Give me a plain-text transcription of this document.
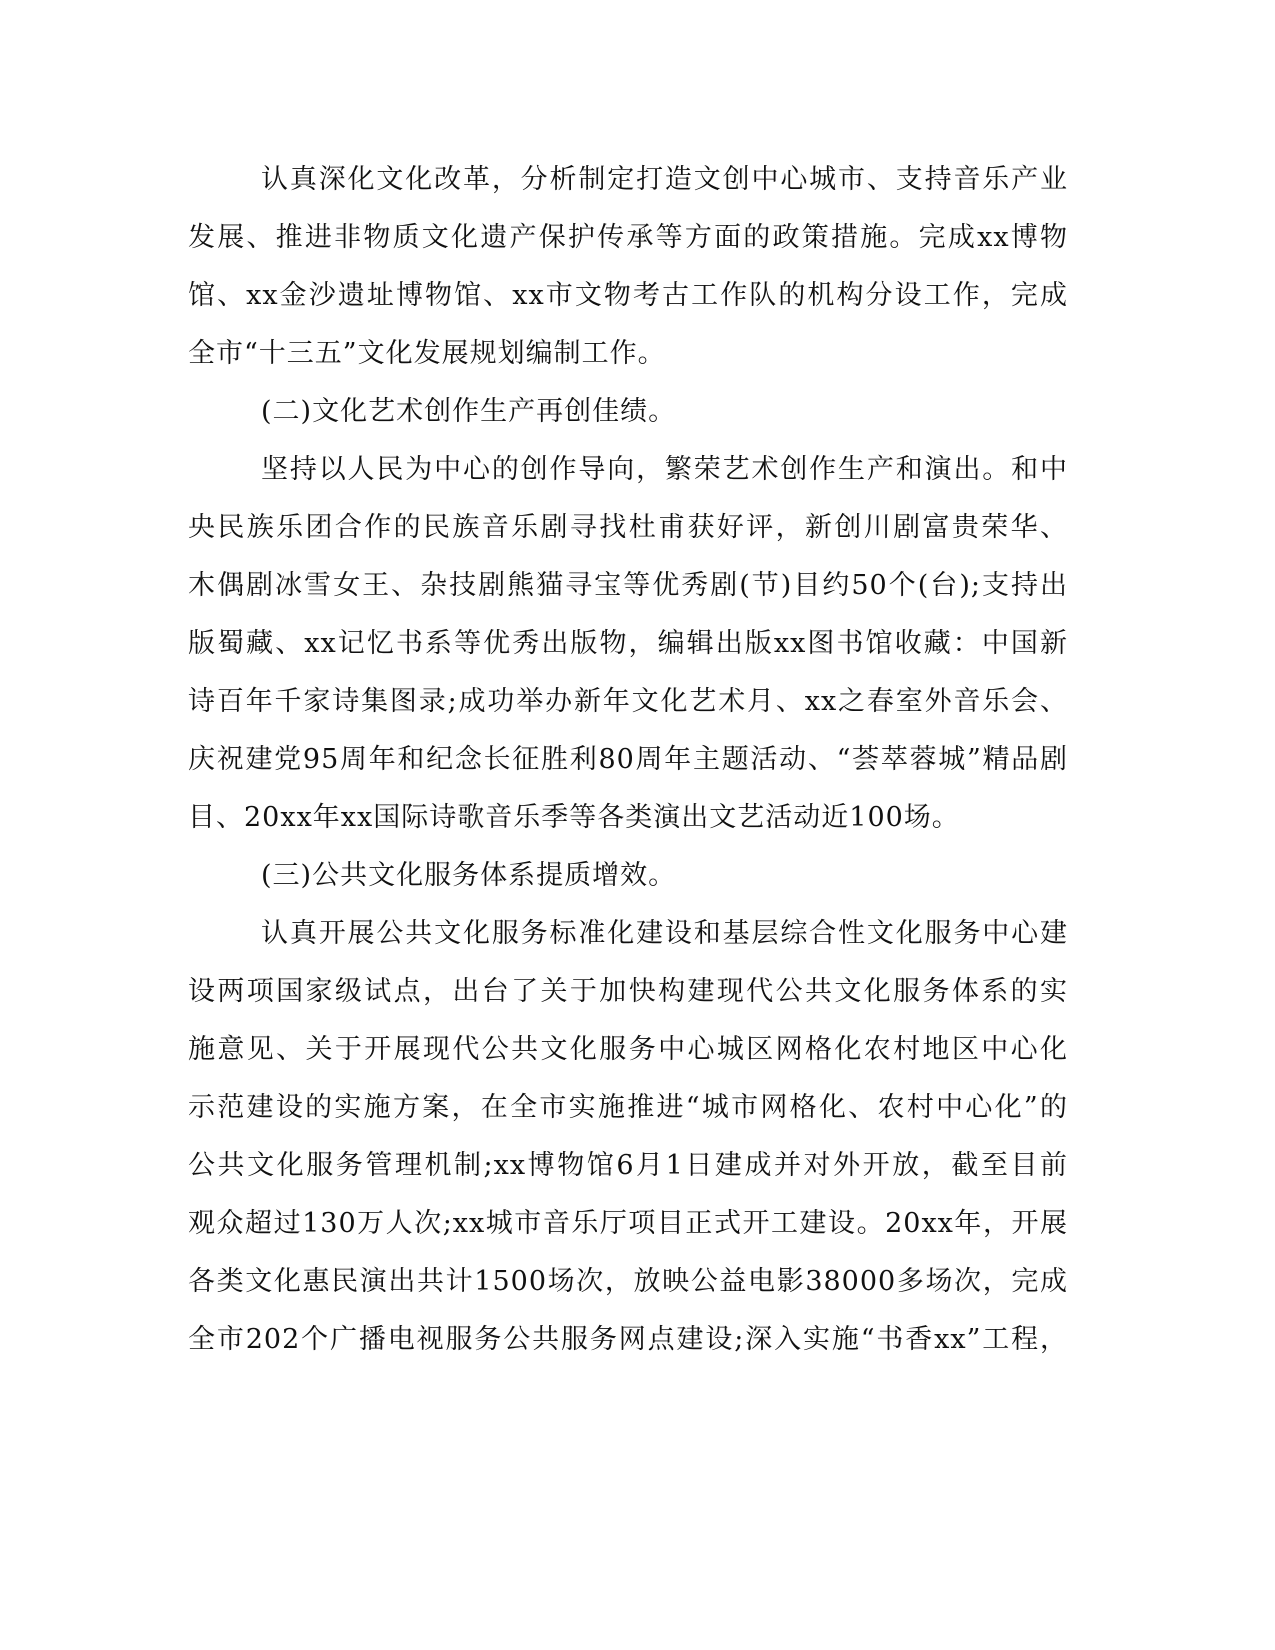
认真深化文化改革，分析制定打造文创中心城市、支持音乐产业
发展、推进非物质文化遗产保护传承等方面的政策措施。完成xx博物
馆、xx金沙遗址博物馆、xx市文物考古工作队的机构分设工作，完成
全市“十三五”文化发展规划编制工作。
(二)文化艺术创作生产再创佳绩。
坚持以人民为中心的创作导向，繁荣艺术创作生产和演出。和中
央民族乐团合作的民族音乐剧寻找杜甫获好评，新创川剧富贵荣华、
木偶剧冰雪女王、杂技剧熊猫寻宝等优秀剧(节)目约50个(台);支持出
版蜀藏、xx记忆书系等优秀出版物，编辑出版xx图书馆收藏：中国新
诗百年千家诗集图录;成功举办新年文化艺术月、xx之春室外音乐会、
庆祝建党95周年和纪念长征胜利80周年主题活动、“荟萃蓉城”精品剧
目、20xx年xx国际诗歌音乐季等各类演出文艺活动近100场。
(三)公共文化服务体系提质增效。
认真开展公共文化服务标准化建设和基层综合性文化服务中心建
设两项国家级试点，出台了关于加快构建现代公共文化服务体系的实
施意见、关于开展现代公共文化服务中心城区网格化农村地区中心化
示范建设的实施方案，在全市实施推进“城市网格化、农村中心化”的
公共文化服务管理机制;xx博物馆6月1日建成并对外开放，截至目前
观众超过130万人次;xx城市音乐厅项目正式开工建设。20xx年，开展
各类文化惠民演出共计1500场次，放映公益电影38000多场次，完成
全市202个广播电视服务公共服务网点建设;深入实施“书香xx”工程，
